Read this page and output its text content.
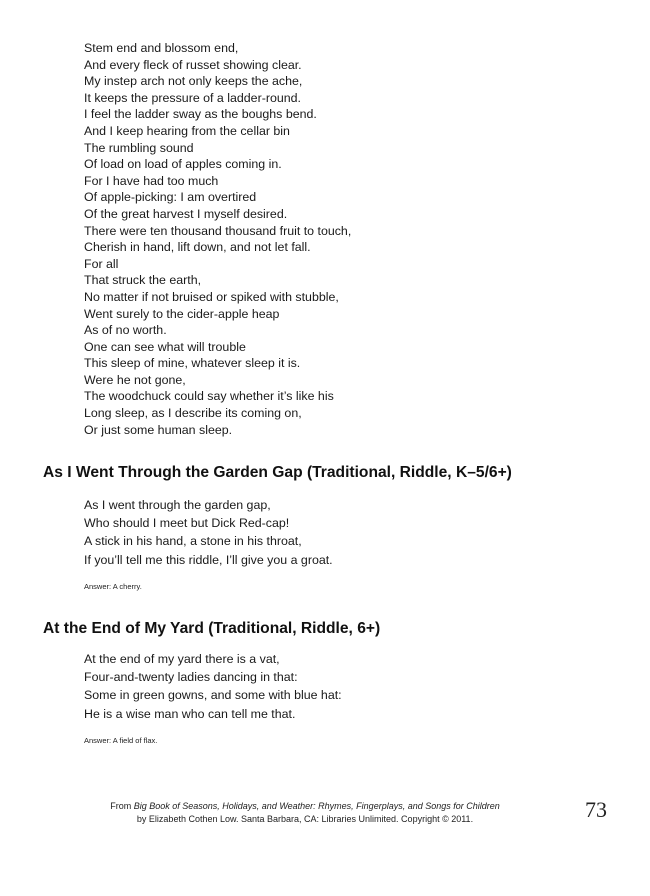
Stem end and blossom end,
And every fleck of russet showing clear.
My instep arch not only keeps the ache,
It keeps the pressure of a ladder-round.
I feel the ladder sway as the boughs bend.
And I keep hearing from the cellar bin
The rumbling sound
Of load on load of apples coming in.
For I have had too much
Of apple-picking: I am overtired
Of the great harvest I myself desired.
There were ten thousand thousand fruit to touch,
Cherish in hand, lift down, and not let fall.
For all
That struck the earth,
No matter if not bruised or spiked with stubble,
Went surely to the cider-apple heap
As of no worth.
One can see what will trouble
This sleep of mine, whatever sleep it is.
Were he not gone,
The woodchuck could say whether it’s like his
Long sleep, as I describe its coming on,
Or just some human sleep.
As I Went Through the Garden Gap (Traditional, Riddle, K–5/6+)
As I went through the garden gap,
Who should I meet but Dick Red-cap!
A stick in his hand, a stone in his throat,
If you’ll tell me this riddle, I’ll give you a groat.
Answer: A cherry.
At the End of My Yard (Traditional, Riddle, 6+)
At the end of my yard there is a vat,
Four-and-twenty ladies dancing in that:
Some in green gowns, and some with blue hat:
He is a wise man who can tell me that.
Answer: A field of flax.
From Big Book of Seasons, Holidays, and Weather: Rhymes, Fingerplays, and Songs for Children
by Elizabeth Cothen Low. Santa Barbara, CA: Libraries Unlimited. Copyright © 2011.	73
